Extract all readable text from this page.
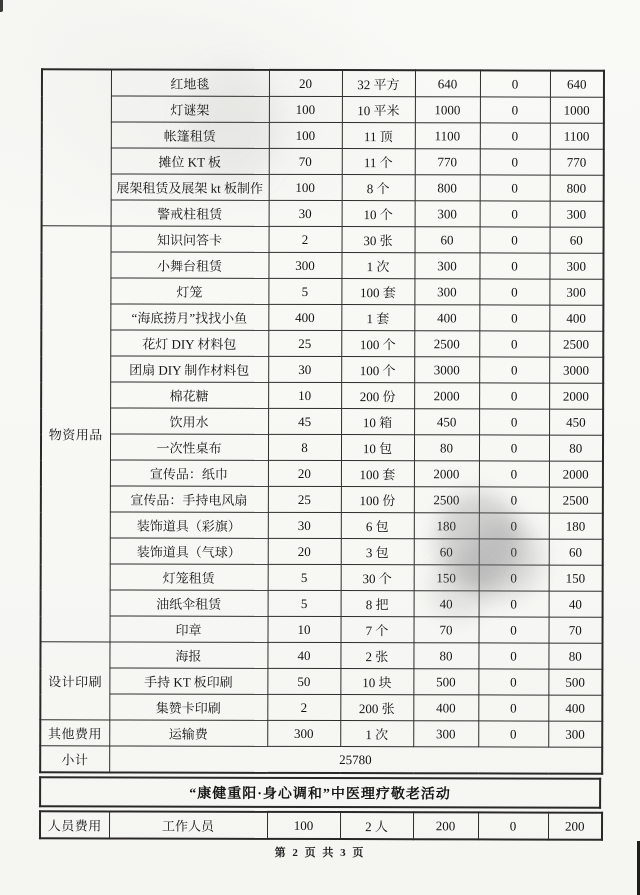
	红地毯	20	32 平方	640	0	640
	灯谜架	100	10 平米	1000	0	1000
	帐篷租赁	100	11 顶	1100	0	1100
	摊位 KT 板	70	11 个	770	0	770
	展架租赁及展架 kt 板制作	100	8 个	800	0	800
	警戒柱租赁	30	10 个	300	0	300
物资用品	知识问答卡	2	30 张	60	0	60
	小舞台租赁	300	1 次	300	0	300
	灯笼	5	100 套	300	0	300
	“海底捞月”找找小鱼	400	1 套	400	0	400
	花灯 DIY 材料包	25	100 个	2500	0	2500
	团扇 DIY 制作材料包	30	100 个	3000	0	3000
	棉花糖	10	200 份	2000	0	2000
	饮用水	45	10 箱	450	0	450
	一次性桌布	8	10 包	80	0	80
	宣传品：纸巾	20	100 套	2000	0	2000
	宣传品：手持电风扇	25	100 份	2500	0	2500
	装饰道具（彩旗）	30	6 包	180	0	180
	装饰道具（气球）	20	3 包	60	0	60
	灯笼租赁	5	30 个	150	0	150
	油纸伞租赁	5	8 把	40	0	40
	印章	10	7 个	70	0	70
设计印刷	海报	40	2 张	80	0	80
	手持 KT 板印刷	50	10 块	500	0	500
	集赞卡印刷	2	200 张	400	0	400
其他费用	运输费	300	1 次	300	0	300
小计	25780					
“康健重阳·身心调和”中医理疗敬老活动
人员费用	工作人员	100	2 人	200	0	200
第 2 页 共 3 页
